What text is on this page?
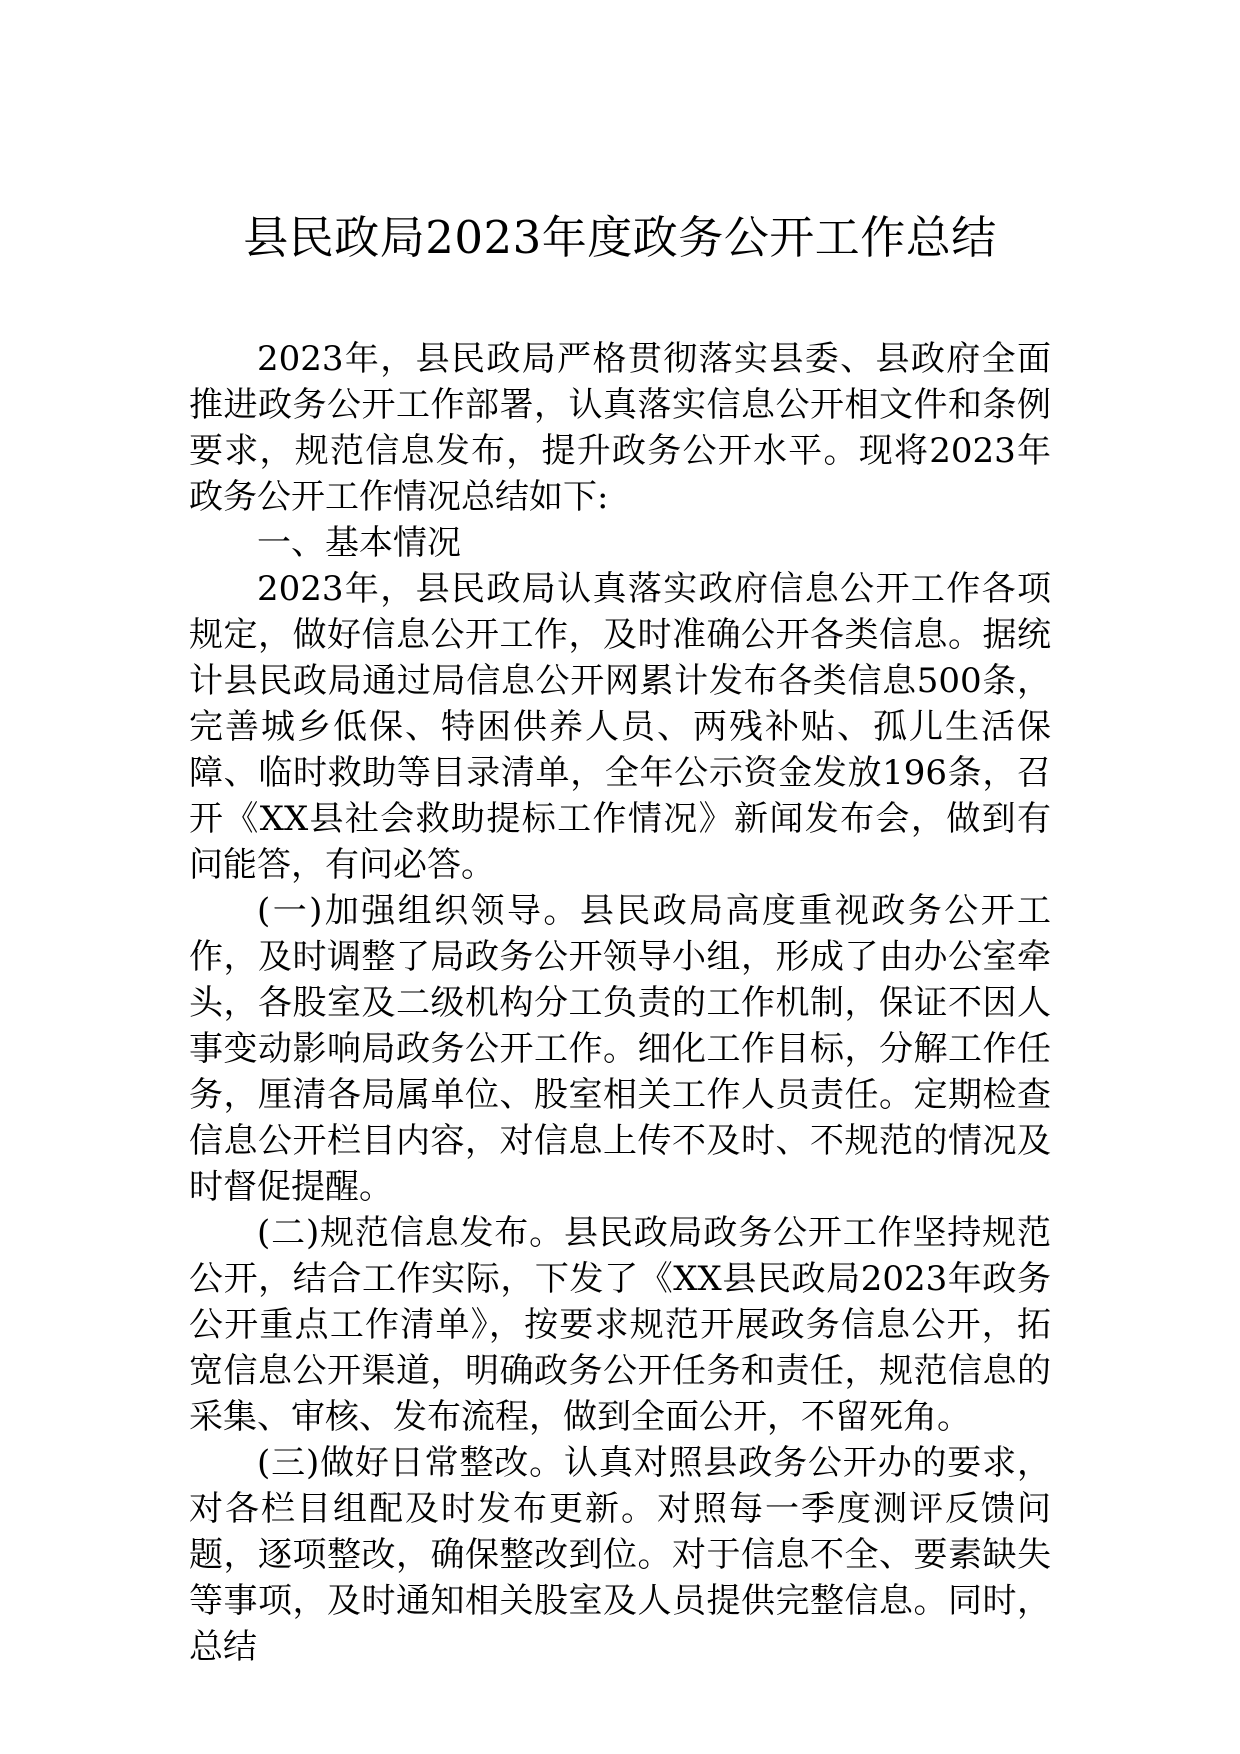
县民政局2023年度政务公开工作总结

2023年，县民政局严格贯彻落实县委、县政府全面推进政务公开工作部署，认真落实信息公开相文件和条例要求，规范信息发布，提升政务公开水平。现将2023年政务公开工作情况总结如下:

一、基本情况

2023年，县民政局认真落实政府信息公开工作各项规定，做好信息公开工作，及时准确公开各类信息。据统计县民政局通过局信息公开网累计发布各类信息500条，完善城乡低保、特困供养人员、两残补贴、孤儿生活保障、临时救助等目录清单，全年公示资金发放196条，召开《XX县社会救助提标工作情况》新闻发布会，做到有问能答，有问必答。

(一)加强组织领导。县民政局高度重视政务公开工作，及时调整了局政务公开领导小组，形成了由办公室牵头，各股室及二级机构分工负责的工作机制，保证不因人事变动影响局政务公开工作。细化工作目标，分解工作任务，厘清各局属单位、股室相关工作人员责任。定期检查信息公开栏目内容，对信息上传不及时、不规范的情况及时督促提醒。

(二)规范信息发布。县民政局政务公开工作坚持规范公开，结合工作实际，下发了《XX县民政局2023年政务公开重点工作清单》，按要求规范开展政务信息公开，拓宽信息公开渠道，明确政务公开任务和责任，规范信息的采集、审核、发布流程，做到全面公开，不留死角。

(三)做好日常整改。认真对照县政务公开办的要求，对各栏目组配及时发布更新。对照每一季度测评反馈问题，逐项整改，确保整改到位。对于信息不全、要素缺失等事项，及时通知相关股室及人员提供完整信息。同时，总结
